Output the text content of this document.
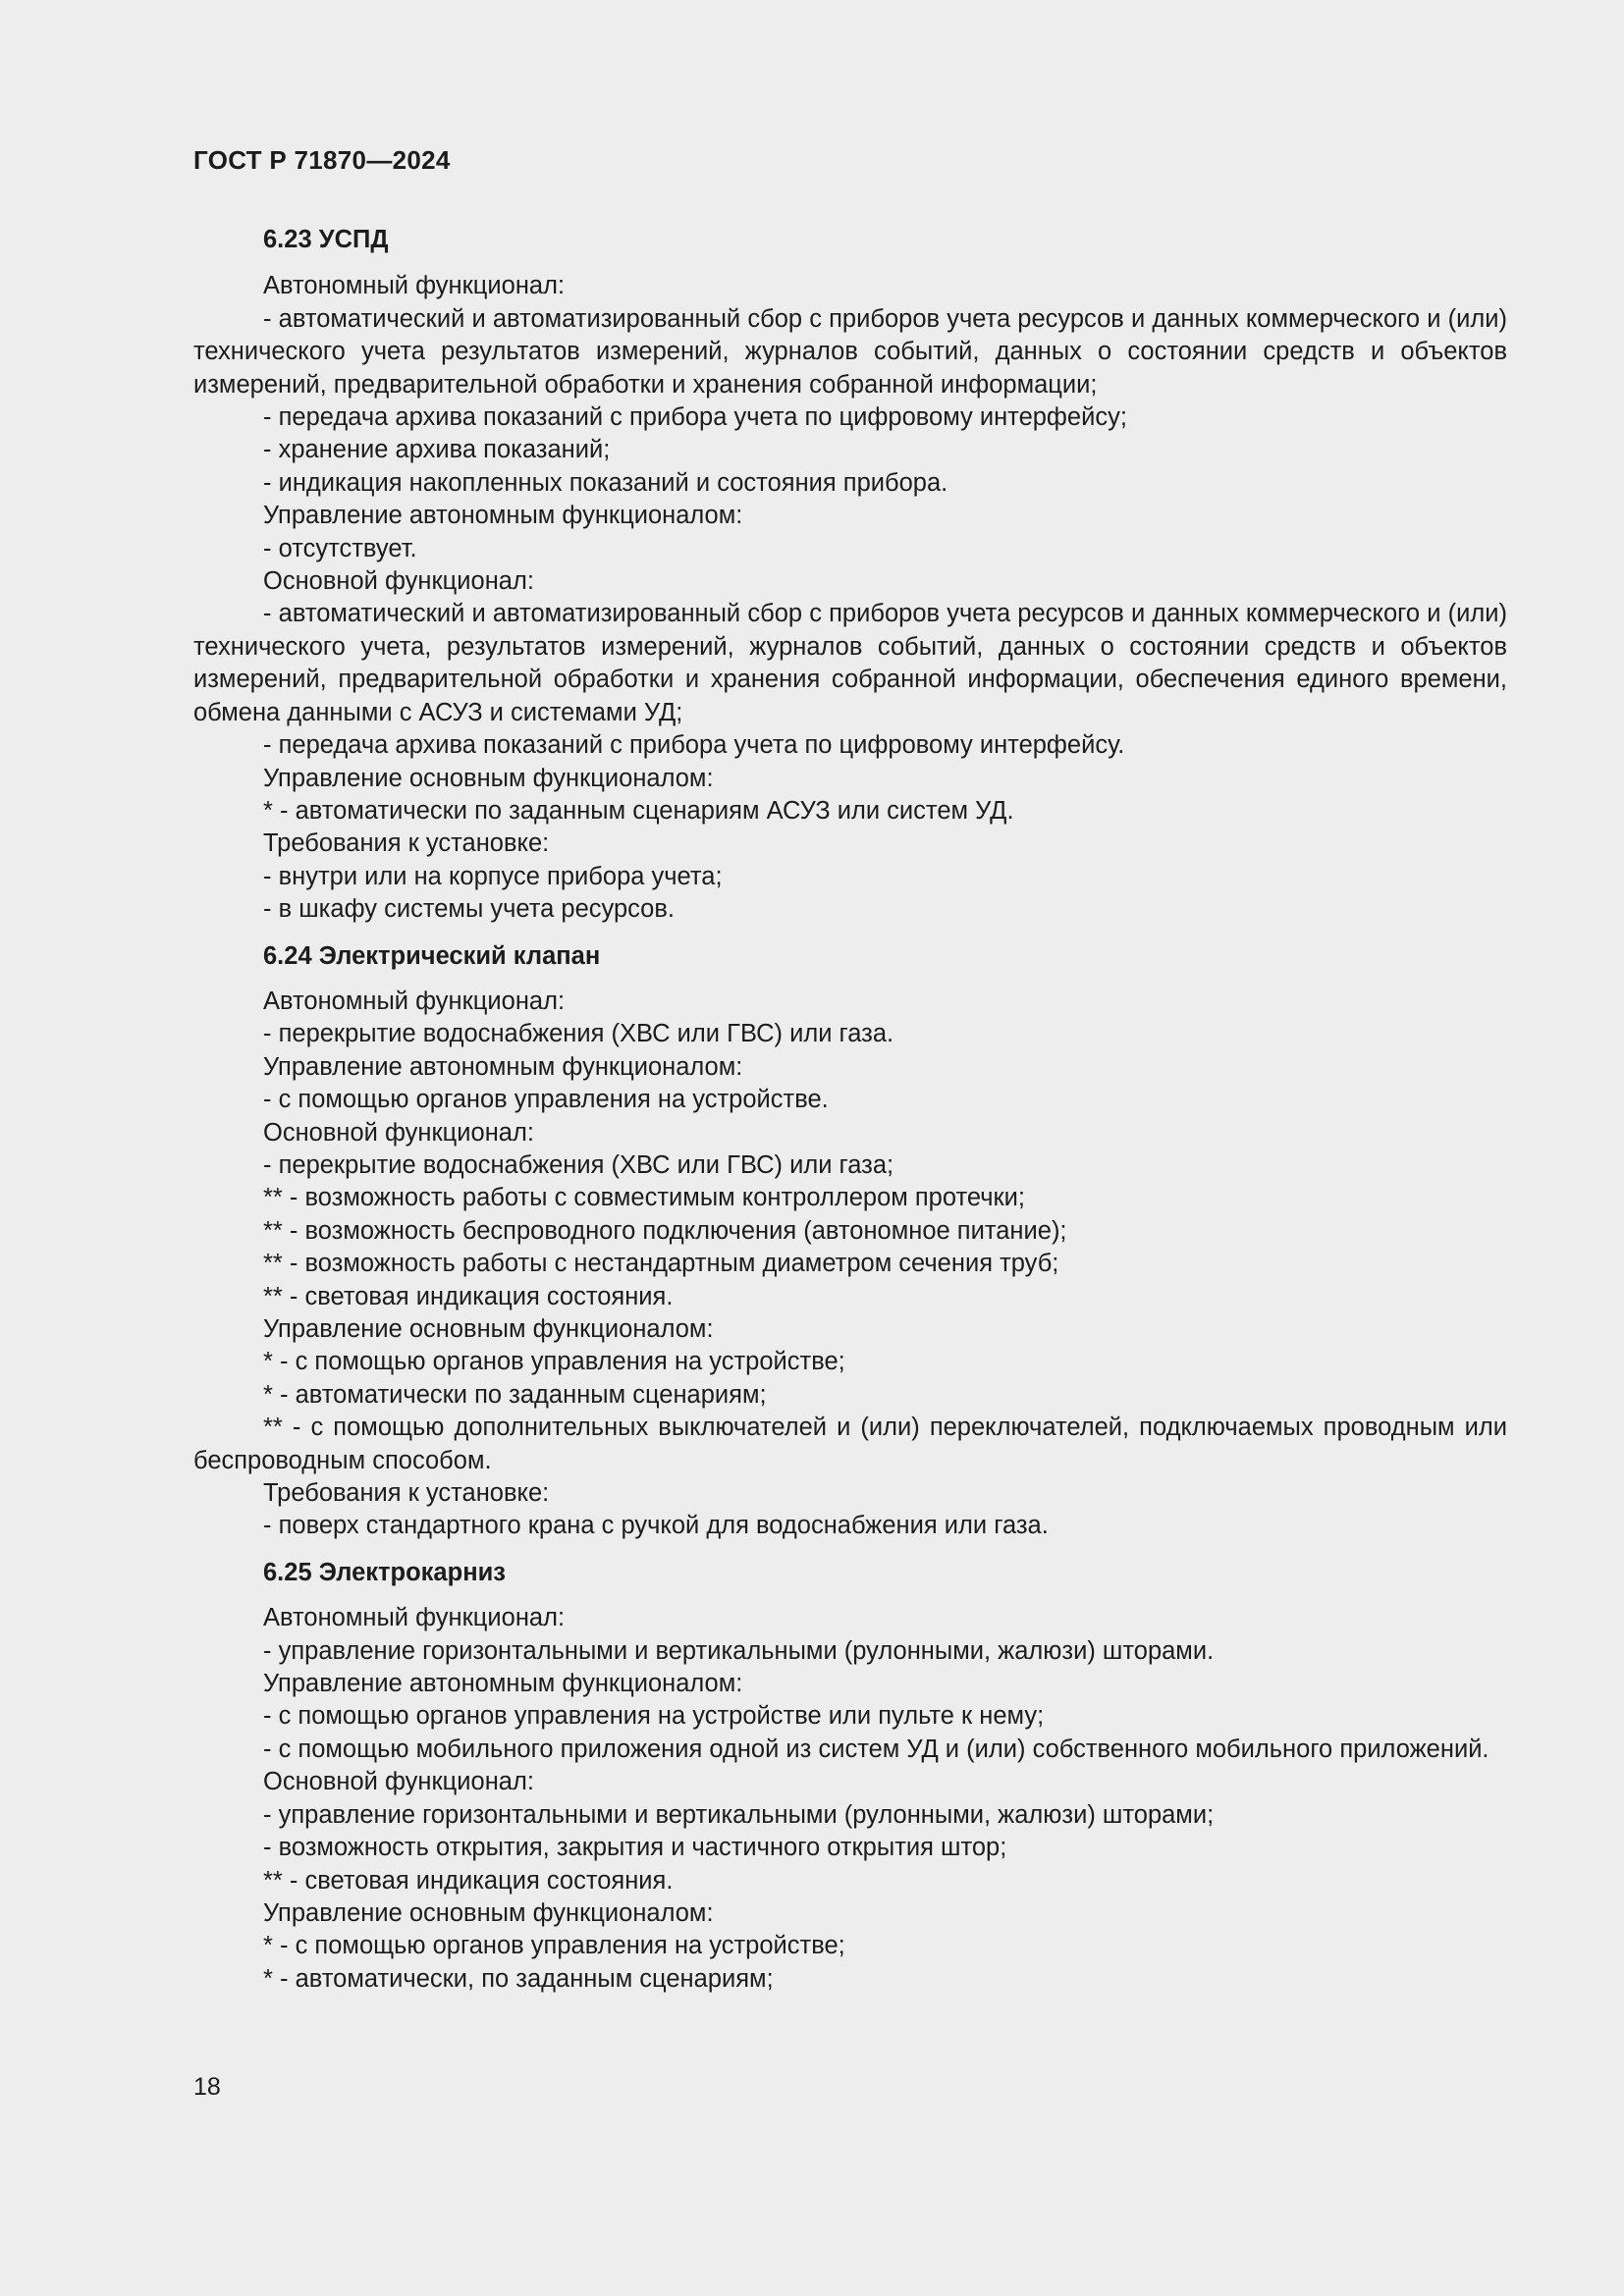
ГОСТ Р 71870—2024
6.23 УСПД
Автономный функционал:
- автоматический и автоматизированный сбор с приборов учета ресурсов и данных коммерческого и (или) технического учета результатов измерений, журналов событий, данных о состоянии средств и объектов измерений, предварительной обработки и хранения собранной информации;
- передача архива показаний с прибора учета по цифровому интерфейсу;
- хранение архива показаний;
- индикация накопленных показаний и состояния прибора.
Управление автономным функционалом:
- отсутствует.
Основной функционал:
- автоматический и автоматизированный сбор с приборов учета ресурсов и данных коммерческого и (или) технического учета, результатов измерений, журналов событий, данных о состоянии средств и объектов измерений, предварительной обработки и хранения собранной информации, обеспечения единого времени, обмена данными с АСУЗ и системами УД;
- передача архива показаний с прибора учета по цифровому интерфейсу.
Управление основным функционалом:
* - автоматически по заданным сценариям АСУЗ или систем УД.
Требования к установке:
- внутри или на корпусе прибора учета;
- в шкафу системы учета ресурсов.
6.24 Электрический клапан
Автономный функционал:
- перекрытие водоснабжения (ХВС или ГВС) или газа.
Управление автономным функционалом:
- с помощью органов управления на устройстве.
Основной функционал:
- перекрытие водоснабжения (ХВС или ГВС) или газа;
** - возможность работы с совместимым контроллером протечки;
** - возможность беспроводного подключения (автономное питание);
** - возможность работы с нестандартным диаметром сечения труб;
** - световая индикация состояния.
Управление основным функционалом:
* - с помощью органов управления на устройстве;
* - автоматически по заданным сценариям;
** - с помощью дополнительных выключателей и (или) переключателей, подключаемых проводным или беспроводным способом.
Требования к установке:
- поверх стандартного крана с ручкой для водоснабжения или газа.
6.25 Электрокарниз
Автономный функционал:
- управление горизонтальными и вертикальными (рулонными, жалюзи) шторами.
Управление автономным функционалом:
- с помощью органов управления на устройстве или пульте к нему;
- с помощью мобильного приложения одной из систем УД и (или) собственного мобильного приложений.
Основной функционал:
- управление горизонтальными и вертикальными (рулонными, жалюзи) шторами;
- возможность открытия, закрытия и частичного открытия штор;
** - световая индикация состояния.
Управление основным функционалом:
* - с помощью органов управления на устройстве;
* - автоматически, по заданным сценариям;
18
